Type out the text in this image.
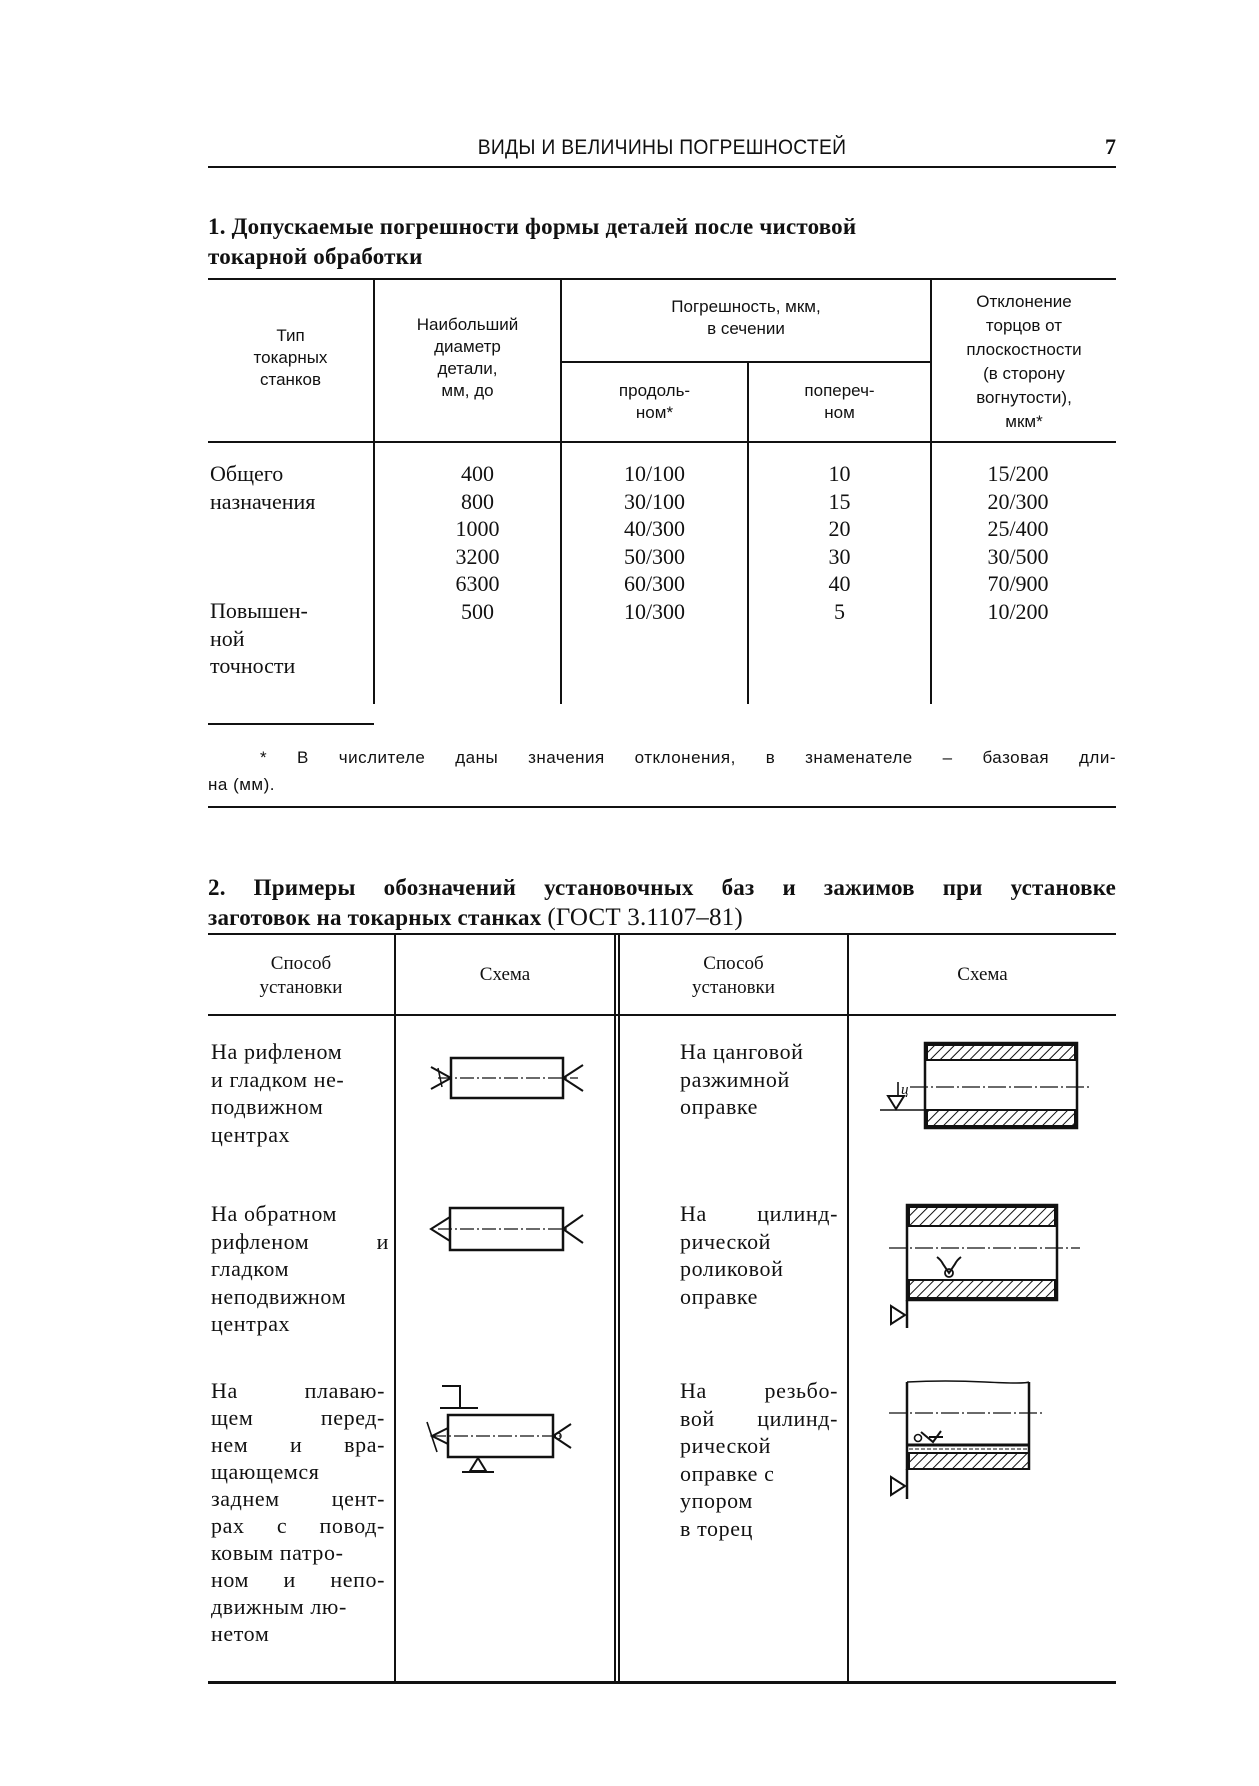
ВИДЫ И ВЕЛИЧИНЫ ПОГРЕШНОСТЕЙ	7
1. Допускаемые погрешности формы деталей после чистовой
токарной обработки
Тип
токарных
станков
Наибольший
диаметр
детали,
мм, до
Погрешность, мкм,
в сечении
продоль-
ном*
попереч-
ном
Отклонение
торцов от
плоскостности
(в сторону
вогнутости),
мкм*
Общего
назначения
Повышен-
ной
точности
400
800
1000
3200
6300
500
10/100
30/100
40/300
50/300
60/300
10/300
10
15
20
30
40
5
15/200
20/300
25/400
30/500
70/900
10/200
* В числителе даны значения отклонения, в знаменателе – базовая дли-
на (мм).
2. Примеры обозначений установочных баз и зажимов при установке
заготовок на токарных станках (ГОСТ 3.1107–81)
Способ
установки
Схема
Способ
установки
Схема
На рифленом
и гладком не-
подвижном
центрах
На обратном
рифленом и
гладком
неподвижном
центрах
На плаваю-
щем перед-
нем и вра-
щающемся
заднем цент-
рах с повод-
ковым патро-
ном и непо-
движным лю-
нетом
На цанговой
разжимной
оправке
На цилинд-
рической
роликовой
оправке
На резьбо-
вой цилинд-
рической
оправке с
упором
в торец
ц
